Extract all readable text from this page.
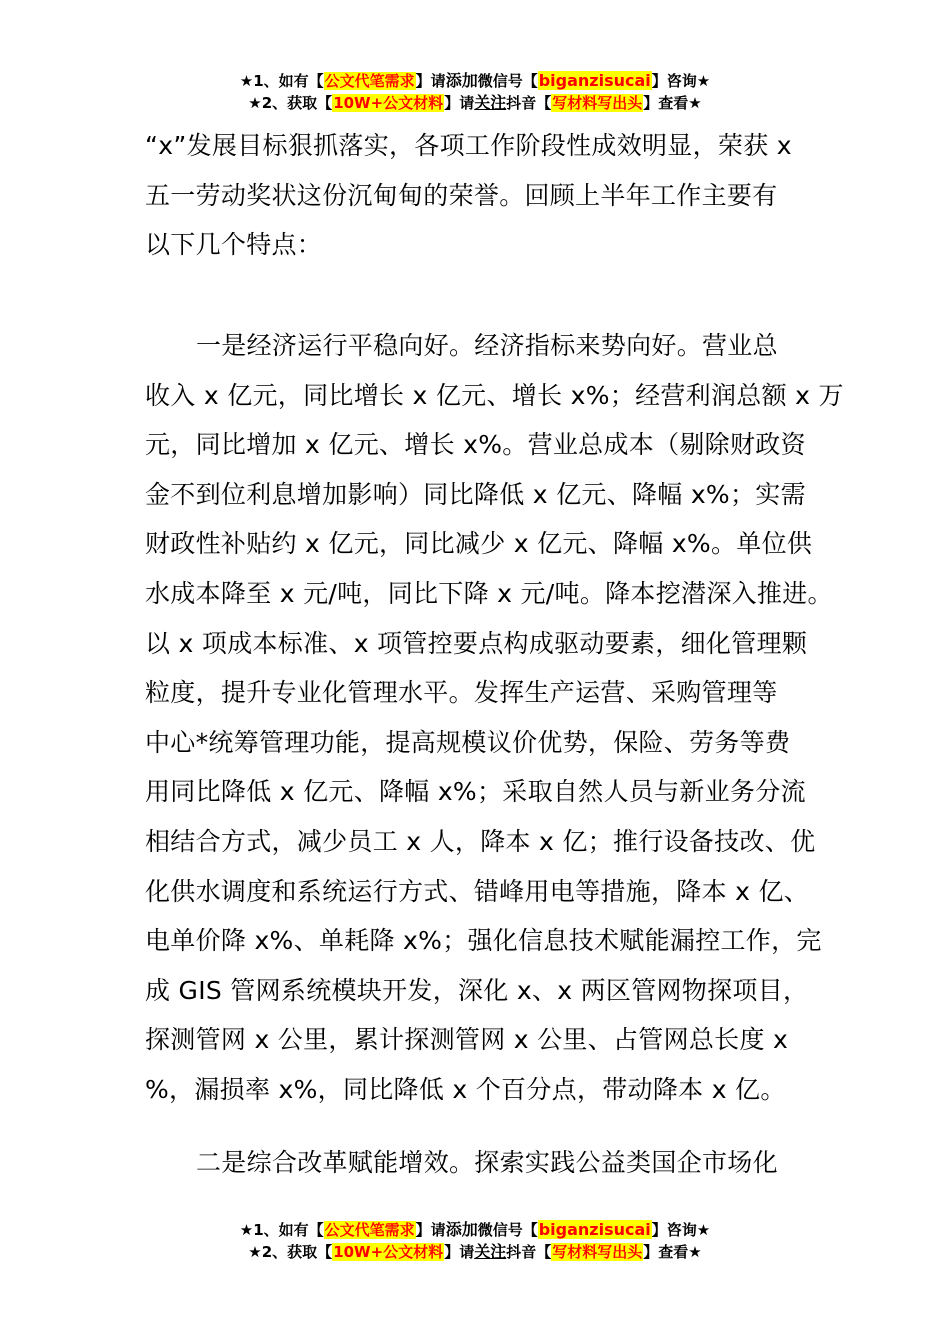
★1、如有【公文代笔需求】请添加微信号【biganzisucai】咨询★
★2、获取【10W+公文材料】请关注抖音【写材料写出头】查看★
“x”发展目标狠抓落实，各项工作阶段性成效明显，荣获 x
五一劳动奖状这份沉甸甸的荣誉。回顾上半年工作主要有
以下几个特点：
一是经济运行平稳向好。经济指标来势向好。营业总
收入 x 亿元，同比增长 x 亿元、增长 x%；经营利润总额 x 万
元，同比增加 x 亿元、增长 x%。营业总成本（剔除财政资
金不到位利息增加影响）同比降低 x 亿元、降幅 x%；实需
财政性补贴约 x 亿元，同比减少 x 亿元、降幅 x%。单位供
水成本降至 x 元/吨，同比下降 x 元/吨。降本挖潜深入推进。
以 x 项成本标准、x 项管控要点构成驱动要素，细化管理颗
粒度，提升专业化管理水平。发挥生产运营、采购管理等
中心*统筹管理功能，提高规模议价优势，保险、劳务等费
用同比降低 x 亿元、降幅 x%；采取自然人员与新业务分流
相结合方式，减少员工 x 人，降本 x 亿；推行设备技改、优
化供水调度和系统运行方式、错峰用电等措施，降本 x 亿、
电单价降 x%、单耗降 x%；强化信息技术赋能漏控工作，完
成 GIS 管网系统模块开发，深化 x、x 两区管网物探项目，
探测管网 x 公里，累计探测管网 x 公里、占管网总长度 x
%，漏损率 x%，同比降低 x 个百分点，带动降本 x 亿。
二是综合改革赋能增效。探索实践公益类国企市场化
★1、如有【公文代笔需求】请添加微信号【biganzisucai】咨询★
★2、获取【10W+公文材料】请关注抖音【写材料写出头】查看★
